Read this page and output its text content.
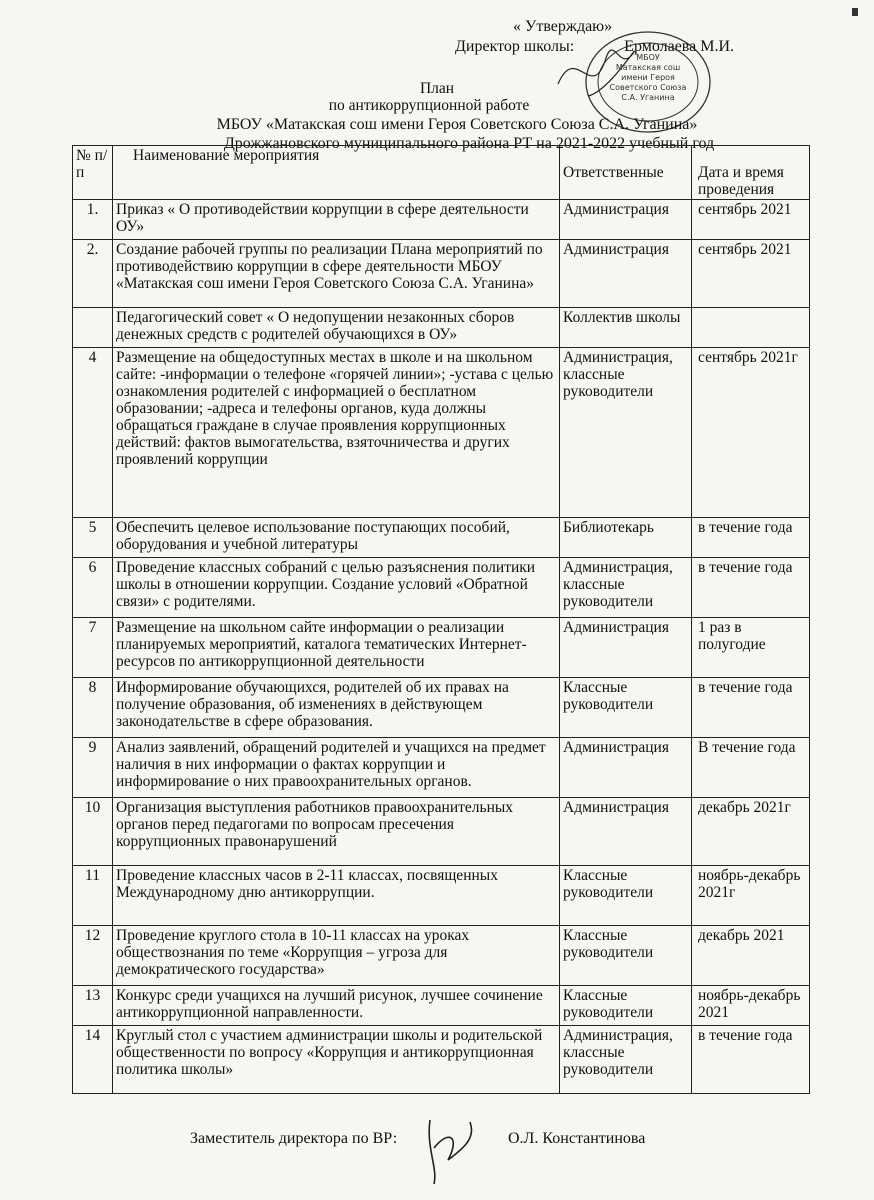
« Утверждаю»
Директор школы:	Ермолаева М.И.
МБОУ
Матакская сош
имени Героя
Советского Союза
С.А. Уганина
План
по антикоррупционной работе
МБОУ «Матакская сош имени Героя Советского Союза С.А. Уганина»
Дрожжановского муниципального района РТ на 2021-2022 учебный год
№ п/п	Наименование мероприятия	Ответственные	Дата и время проведения
1.	Приказ « О противодействии коррупции в сфере деятельности ОУ»	Администрация	сентябрь 2021
2.	Создание рабочей группы по реализации Плана мероприятий по противодействию коррупции в сфере деятельности МБОУ «Матакская сош имени Героя Советского Союза С.А. Уганина»	Администрация	сентябрь 2021
	Педагогический совет « О недопущении незаконных сборов денежных средств с родителей обучающихся в ОУ»	Коллектив школы	
4	Размещение на общедоступных местах в школе и на школьном сайте: -информации о телефоне «горячей линии»; -устава с целью ознакомления родителей с информацией о бесплатном образовании; -адреса и телефоны органов, куда должны обращаться граждане в случае проявления коррупционных действий: фактов вымогательства, взяточничества и других проявлений коррупции	Администрация, классные руководители	сентябрь 2021г
5	Обеспечить целевое использование поступающих пособий, оборудования и учебной литературы	Библиотекарь	в течение года
6	Проведение классных собраний с целью разъяснения политики школы в отношении коррупции. Создание условий «Обратной связи» с родителями.	Администрация, классные руководители	в течение года
7	Размещение на школьном сайте информации о реализации планируемых мероприятий, каталога тематических Интернет-ресурсов по антикоррупционной деятельности	Администрация	1 раз в полугодие
8	Информирование обучающихся, родителей об их правах на получение образования, об изменениях в действующем законодательстве в сфере образования.	Классные руководители	в течение года
9	Анализ заявлений, обращений родителей и учащихся на предмет наличия в них информации о фактах коррупции и информирование о них правоохранительных органов.	Администрация	В течение года
10	Организация выступления работников правоохранительных органов перед педагогами по вопросам пресечения коррупционных правонарушений	Администрация	декабрь 2021г
11	Проведение классных часов в 2-11 классах, посвященных Международному дню антикоррупции.	Классные руководители	ноябрь-декабрь 2021г
12	Проведение круглого стола в 10-11 классах на уроках обществознания по теме «Коррупция – угроза для демократического государства»	Классные руководители	декабрь 2021
13	Конкурс среди учащихся на лучший рисунок, лучшее сочинение антикоррупционной направленности.	Классные руководители	ноябрь-декабрь 2021
14	Круглый стол с участием администрации школы и родительской общественности по вопросу «Коррупция и антикоррупционная политика школы»	Администрация, классные руководители	в течение года
Заместитель директора по ВР:	О.Л. Константинова
